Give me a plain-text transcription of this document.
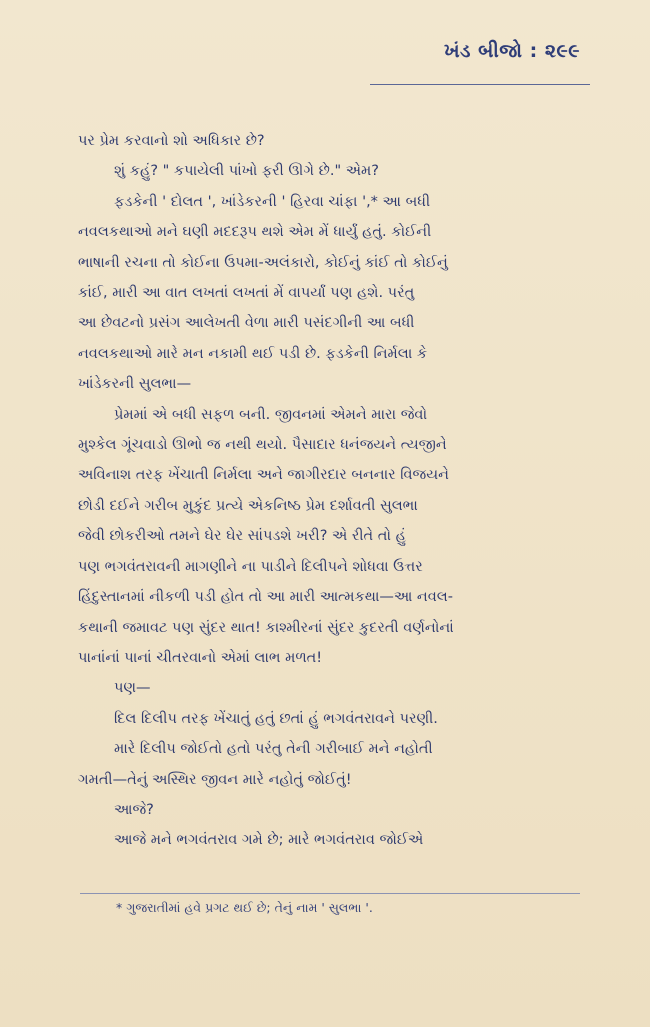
ખંડ બીજો : ૨૯૯

પર પ્રેમ કરવાનો શો અધિકાર છે?

શું કહું? " કપાયેલી પાંખો ફરી ઊગે છે." એમ?

ફડકેની ' દોલત ', ખાંડેકરની ' હિરવા ચાંફા ',* આ બધી

નવલકથાઓ મને ઘણી મદદરૂપ થશે એમ મેં ધાર્યું હતું. કોઈની

ભાષાની રચના તો કોઈના ઉપમા-અલંકારો, કોઈનું કાંઈ તો કોઈનું

કાંઈ, મારી આ વાત લખતાં લખતાં મેં વાપર્યાં પણ હશે. પરંતુ

આ છેવટનો પ્રસંગ આલેખતી વેળા મારી પસંદગીની આ બધી

નવલકથાઓ મારે મન નકામી થઈ પડી છે. ફડકેની નિર્મલા કે

ખાંડેકરની સુલભા—

પ્રેમમાં એ બધી સફળ બની. જીવનમાં એમને મારા જેવો

મુશ્કેલ ગૂંચવાડો ઊભો જ નથી થયો. પૈસાદાર ધનંજયને ત્યજીને

અવિનાશ તરફ ખેંચાતી નિર્મલા અને જાગીરદાર બનનાર વિજયને

છોડી દઈને ગરીબ મુકુંદ પ્રત્યે એકનિષ્ઠ પ્રેમ દર્શાવતી સુલભા

જેવી છોકરીઓ તમને ઘેર ઘેર સાંપડશે ખરી? એ રીતે તો હું

પણ ભગવંતરાવની માગણીને ના પાડીને દિલીપને શોધવા ઉત્તર

હિંદુસ્તાનમાં નીકળી પડી હોત તો આ મારી આત્મકથા—આ નવલ-

કથાની જમાવટ પણ સુંદર થાત! કાશ્મીરનાં સુંદર કુદરતી વર્ણનોનાં

પાનાંનાં પાનાં ચીતરવાનો એમાં લાભ મળત!

પણ—

દિલ દિલીપ તરફ ખેંચાતું હતું છતાં હું ભગવંતરાવને પરણી.

મારે દિલીપ જોઈતો હતો પરંતુ તેની ગરીબાઈ મને નહોતી

ગમતી—તેનું અસ્થિર જીવન મારે નહોતું જોઈતું!

આજે?

આજે મને ભગવંતરાવ ગમે છે; મારે ભગવંતરાવ જોઈએ

* ગુજરાતીમાં હવે પ્રગટ થઈ છે; તેનું નામ ' સુલભા '.
